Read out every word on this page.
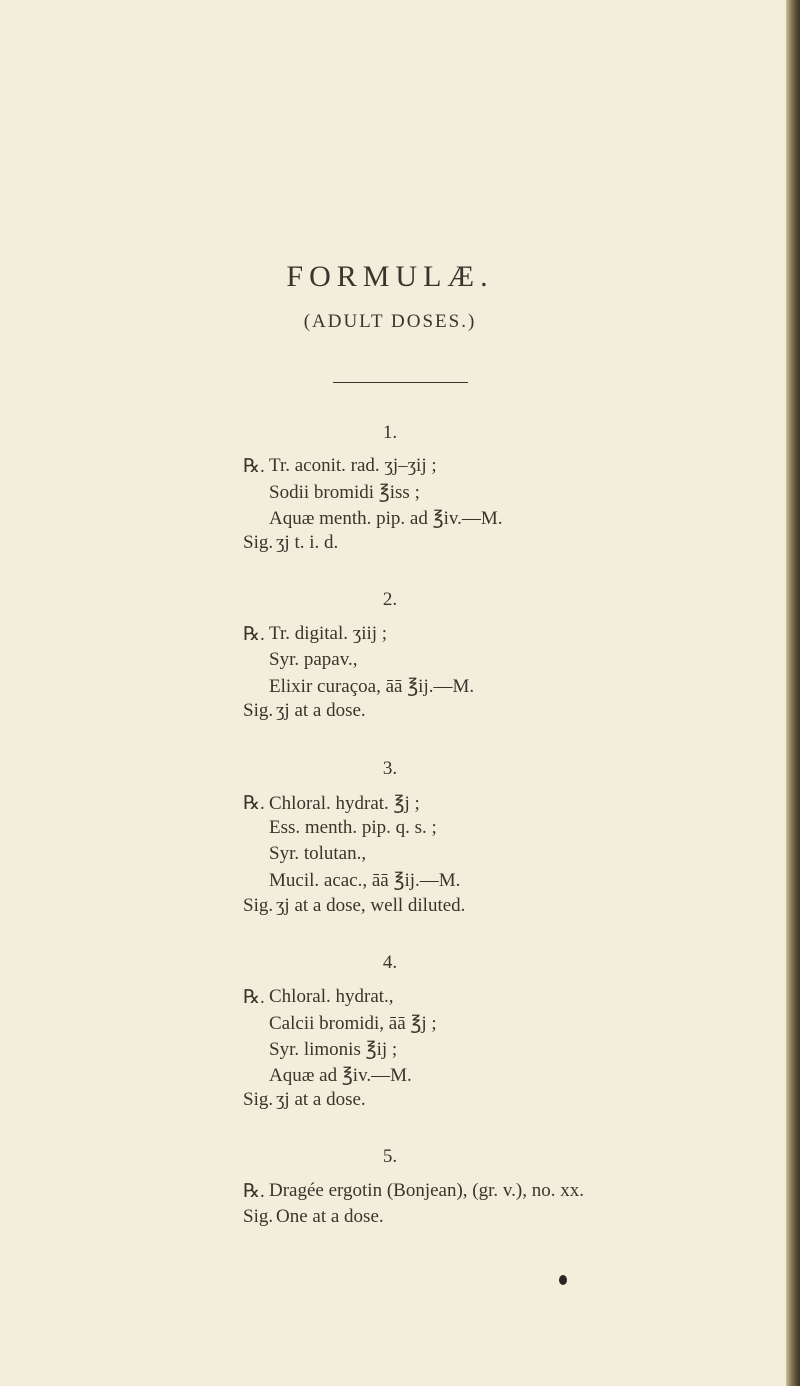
FORMULÆ.
(ADULT DOSES.)
1.
℞. Tr. aconit. rad. ʒj–ʒij ;
Sodii bromidi ℥iss ;
Aquæ menth. pip. ad ℥iv.—M.
Sig. ʒj t. i. d.
2.
℞. Tr. digital. ʒiij ;
Syr. papav.,
Elixir curaçoa, āā ℥ij.—M.
Sig. ʒj at a dose.
3.
℞. Chloral. hydrat. ℥j ;
Ess. menth. pip. q. s. ;
Syr. tolutan.,
Mucil. acac., āā ℥ij.—M.
Sig. ʒj at a dose, well diluted.
4.
℞. Chloral. hydrat.,
Calcii bromidi, āā ℥j ;
Syr. limonis ℥ij ;
Aquæ ad ℥iv.—M.
Sig. ʒj at a dose.
5.
℞. Dragée ergotin (Bonjean), (gr. v.), no. xx.
Sig. One at a dose.
